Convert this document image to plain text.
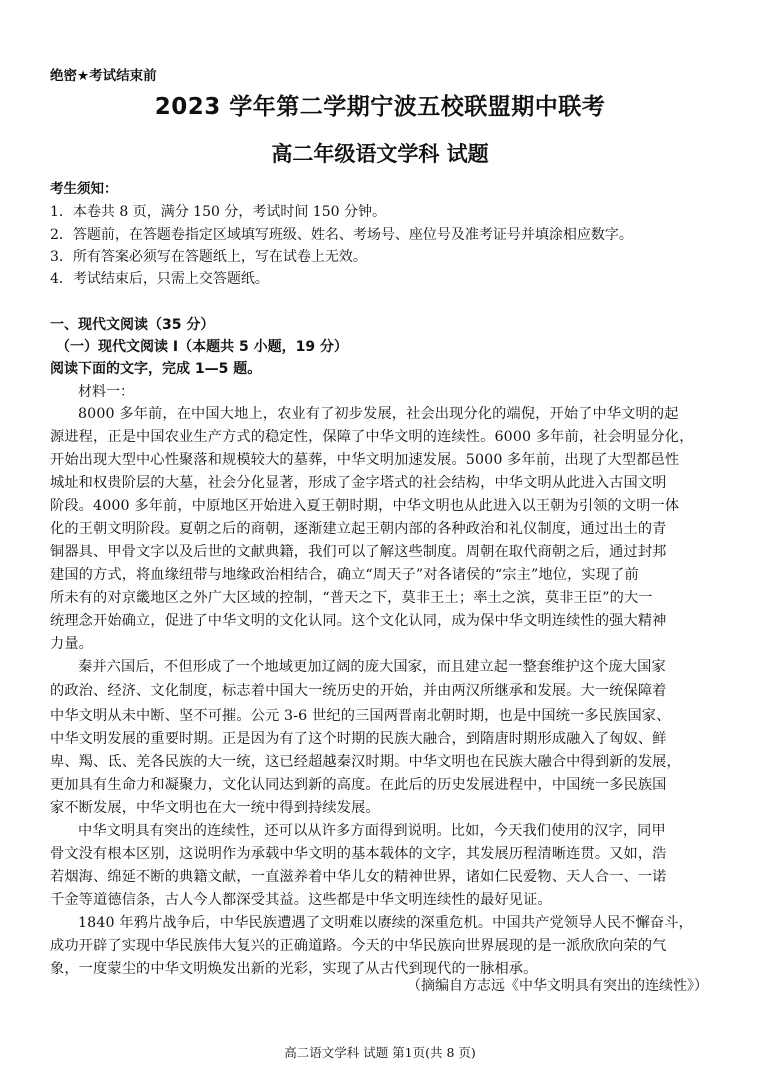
绝密★考试结束前
2023 学年第二学期宁波五校联盟期中联考
高二年级语文学科 试题
考生须知：
1．本卷共 8 页，满分 150 分，考试时间 150 分钟。
2．答题前，在答题卷指定区域填写班级、姓名、考场号、座位号及准考证号并填涂相应数字。
3．所有答案必须写在答题纸上，写在试卷上无效。
4．考试结束后，只需上交答题纸。
一、现代文阅读（35 分）
（一）现代文阅读 I（本题共 5 小题，19 分）
阅读下面的文字，完成 1—5 题。
材料一：
8000 多年前，在中国大地上，农业有了初步发展，社会出现分化的端倪，开始了中华文明的起
源进程，正是中国农业生产方式的稳定性，保障了中华文明的连续性。6000 多年前，社会明显分化，
开始出现大型中心性聚落和规模较大的墓葬，中华文明加速发展。5000 多年前，出现了大型都邑性
城址和权贵阶层的大墓，社会分化显著，形成了金字塔式的社会结构，中华文明从此进入古国文明
阶段。4000 多年前，中原地区开始进入夏王朝时期，中华文明也从此进入以王朝为引领的文明一体
化的王朝文明阶段。夏朝之后的商朝，逐渐建立起王朝内部的各种政治和礼仪制度，通过出土的青
铜器具、甲骨文字以及后世的文献典籍，我们可以了解这些制度。周朝在取代商朝之后，通过封邦
建国的方式，将血缘纽带与地缘政治相结合，确立“周天子”对各诸侯的“宗主”地位，实现了前
所未有的对京畿地区之外广大区域的控制，“普天之下，莫非王土；率土之滨，莫非王臣”的大一
统理念开始确立，促进了中华文明的文化认同。这个文化认同，成为保中华文明连续性的强大精神
力量。
秦并六国后，不但形成了一个地域更加辽阔的庞大国家，而且建立起一整套维护这个庞大国家
的政治、经济、文化制度，标志着中国大一统历史的开始，并由两汉所继承和发展。大一统保障着
中华文明从未中断、坚不可摧。公元 3-6 世纪的三国两晋南北朝时期，也是中国统一多民族国家、
中华文明发展的重要时期。正是因为有了这个时期的民族大融合，到隋唐时期形成融入了匈奴、鲜
卑、羯、氐、羌各民族的大一统，这已经超越秦汉时期。中华文明也在民族大融合中得到新的发展，
更加具有生命力和凝聚力，文化认同达到新的高度。在此后的历史发展进程中，中国统一多民族国
家不断发展，中华文明也在大一统中得到持续发展。
中华文明具有突出的连续性，还可以从许多方面得到说明。比如，今天我们使用的汉字，同甲
骨文没有根本区别，这说明作为承载中华文明的基本载体的文字，其发展历程清晰连贯。又如，浩
若烟海、绵延不断的典籍文献，一直滋养着中华儿女的精神世界，诸如仁民爱物、天人合一、一诺
千金等道德信条，古人今人都深受其益。这些都是中华文明连续性的最好见证。
1840 年鸦片战争后，中华民族遭遇了文明难以赓续的深重危机。中国共产党领导人民不懈奋斗，
成功开辟了实现中华民族伟大复兴的正确道路。今天的中华民族向世界展现的是一派欣欣向荣的气
象，一度蒙尘的中华文明焕发出新的光彩，实现了从古代到现代的一脉相承。
（摘编自方志远《中华文明具有突出的连续性》）
高二语文学科 试题 第1页(共 8 页)
